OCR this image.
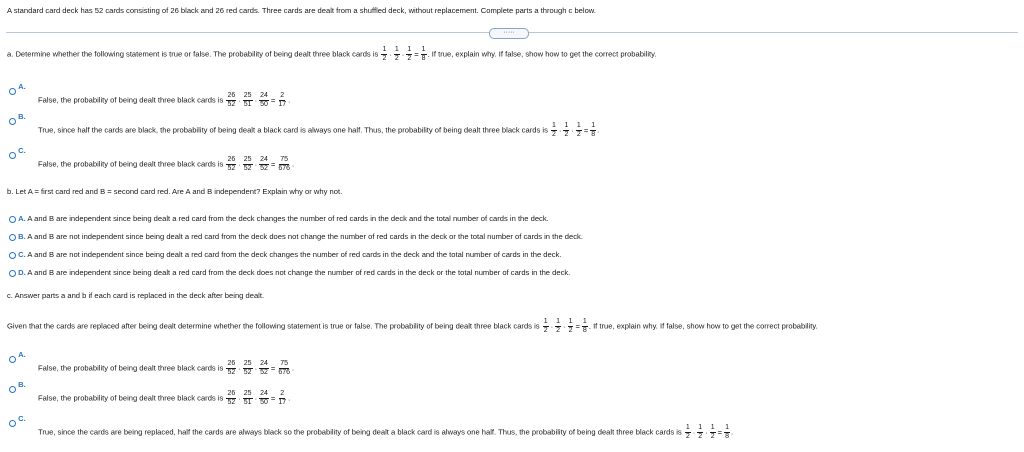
A standard card deck has 52 cards consisting of 26 black and 26 red cards. Three cards are dealt from a shuffled deck, without replacement. Complete parts a through c below.
·····
a. Determine whether the following statement is true or false. The probability of being dealt three black cards is $\frac{1}{2} \cdot \frac{1}{2} \cdot \frac{1}{2} = \frac{1}{8}$ . If true, explain why. If false, show how to get the correct probability.
A.
False, the probability of being dealt three black cards is $\frac{26}{52} \cdot \frac{25}{51} \cdot \frac{24}{50} = \frac{2}{17}$ .
B.
True, since half the cards are black, the probability of being dealt a black card is always one half. Thus, the probability of being dealt three black cards is $\frac{1}{2} \cdot \frac{1}{2} \cdot \frac{1}{2} = \frac{1}{8}$ .
C.
False, the probability of being dealt three black cards is $\frac{26}{52} \cdot \frac{25}{52} \cdot \frac{24}{52} = \frac{75}{676}$ .
b. Let A = first card red and B = second card red. Are A and B independent? Explain why or why not.
A. A and B are independent since being dealt a red card from the deck changes the number of red cards in the deck and the total number of cards in the deck.
B. A and B are not independent since being dealt a red card from the deck does not change the number of red cards in the deck or the total number of cards in the deck.
C. A and B are not independent since being dealt a red card from the deck changes the number of red cards in the deck and the total number of cards in the deck.
D. A and B are independent since being dealt a red card from the deck does not change the number of red cards in the deck or the total number of cards in the deck.
c. Answer parts a and b if each card is replaced in the deck after being dealt.
Given that the cards are replaced after being dealt determine whether the following statement is true or false. The probability of being dealt three black cards is $\frac{1}{2} \cdot \frac{1}{2} \cdot \frac{1}{2} = \frac{1}{8}$ . If true, explain why. If false, show how to get the correct probability.
A.
False, the probability of being dealt three black cards is $\frac{26}{52} \cdot \frac{25}{52} \cdot \frac{24}{52} = \frac{75}{676}$ .
B.
False, the probability of being dealt three black cards is $\frac{26}{52} \cdot \frac{25}{51} \cdot \frac{24}{50} = \frac{2}{17}$ .
C.
True, since the cards are being replaced, half the cards are always black so the probability of being dealt a black card is always one half. Thus, the probability of being dealt three black cards is $\frac{1}{2} \cdot \frac{1}{2} \cdot \frac{1}{2} = \frac{1}{8}$ .
